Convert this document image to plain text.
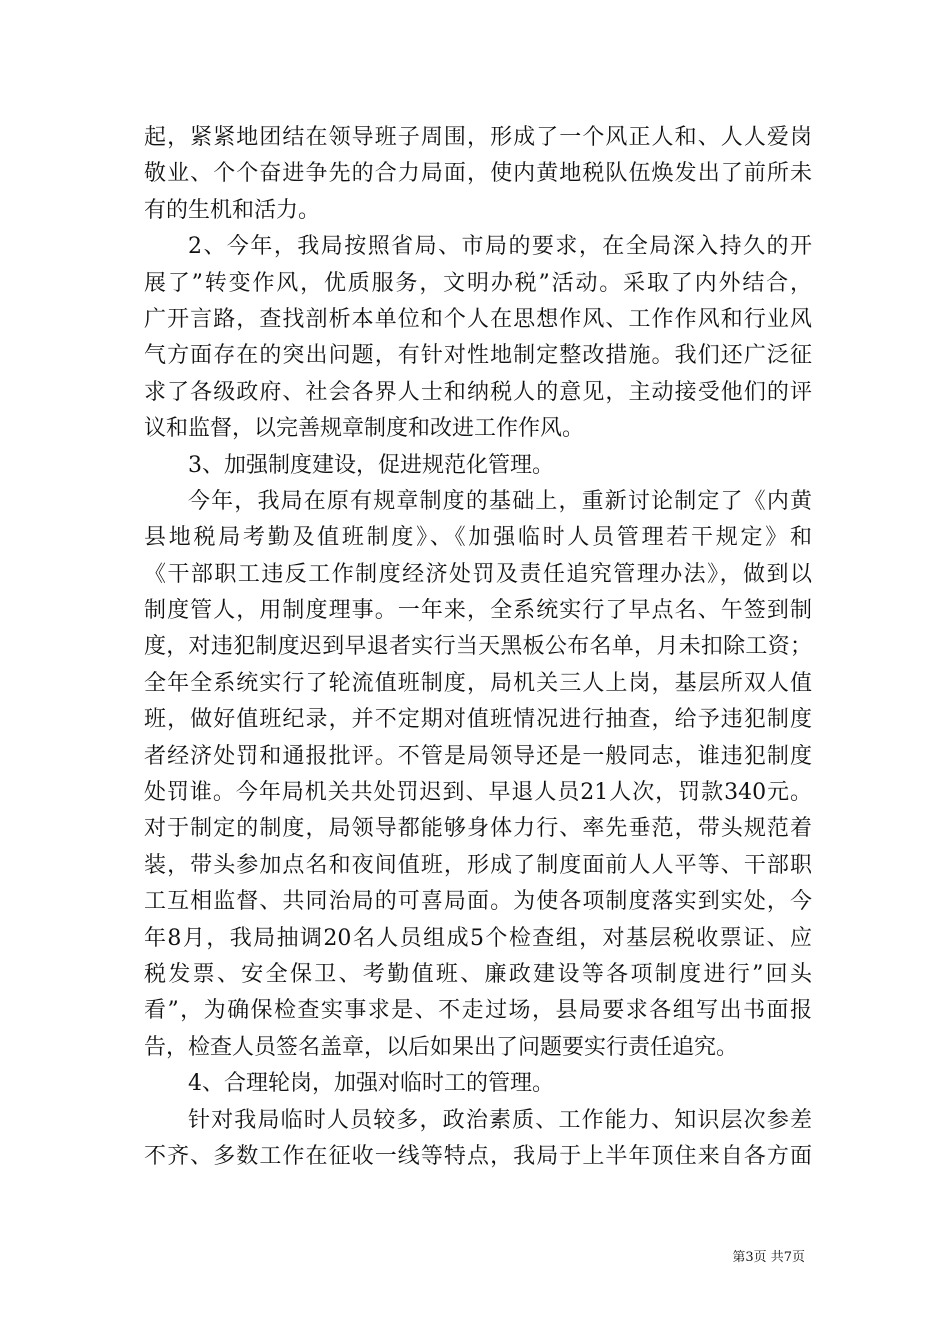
起，紧紧地团结在领导班子周围，形成了一个风正人和、人人爱岗
敬业、个个奋进争先的合力局面，使内黄地税队伍焕发出了前所未
有的生机和活力。
2、今年，我局按照省局、市局的要求，在全局深入持久的开
展了”转变作风，优质服务，文明办税”活动。采取了内外结合，
广开言路，查找剖析本单位和个人在思想作风、工作作风和行业风
气方面存在的突出问题，有针对性地制定整改措施。我们还广泛征
求了各级政府、社会各界人士和纳税人的意见，主动接受他们的评
议和监督，以完善规章制度和改进工作作风。
3、加强制度建设，促进规范化管理。
今年，我局在原有规章制度的基础上，重新讨论制定了《内黄
县地税局考勤及值班制度》、《加强临时人员管理若干规定》和
《干部职工违反工作制度经济处罚及责任追究管理办法》，做到以
制度管人，用制度理事。一年来，全系统实行了早点名、午签到制
度，对违犯制度迟到早退者实行当天黑板公布名单，月未扣除工资；
全年全系统实行了轮流值班制度，局机关三人上岗，基层所双人值
班，做好值班纪录，并不定期对值班情况进行抽查，给予违犯制度
者经济处罚和通报批评。不管是局领导还是一般同志，谁违犯制度
处罚谁。今年局机关共处罚迟到、早退人员21人次，罚款340元。
对于制定的制度，局领导都能够身体力行、率先垂范，带头规范着
装，带头参加点名和夜间值班，形成了制度面前人人平等、干部职
工互相监督、共同治局的可喜局面。为使各项制度落实到实处，今
年8月，我局抽调20名人员组成5个检查组，对基层税收票证、应
税发票、安全保卫、考勤值班、廉政建设等各项制度进行”回头
看”，为确保检查实事求是、不走过场，县局要求各组写出书面报
告，检查人员签名盖章，以后如果出了问题要实行责任追究。
4、合理轮岗，加强对临时工的管理。
针对我局临时人员较多，政治素质、工作能力、知识层次参差
不齐、多数工作在征收一线等特点，我局于上半年顶住来自各方面
第3页 共7页
